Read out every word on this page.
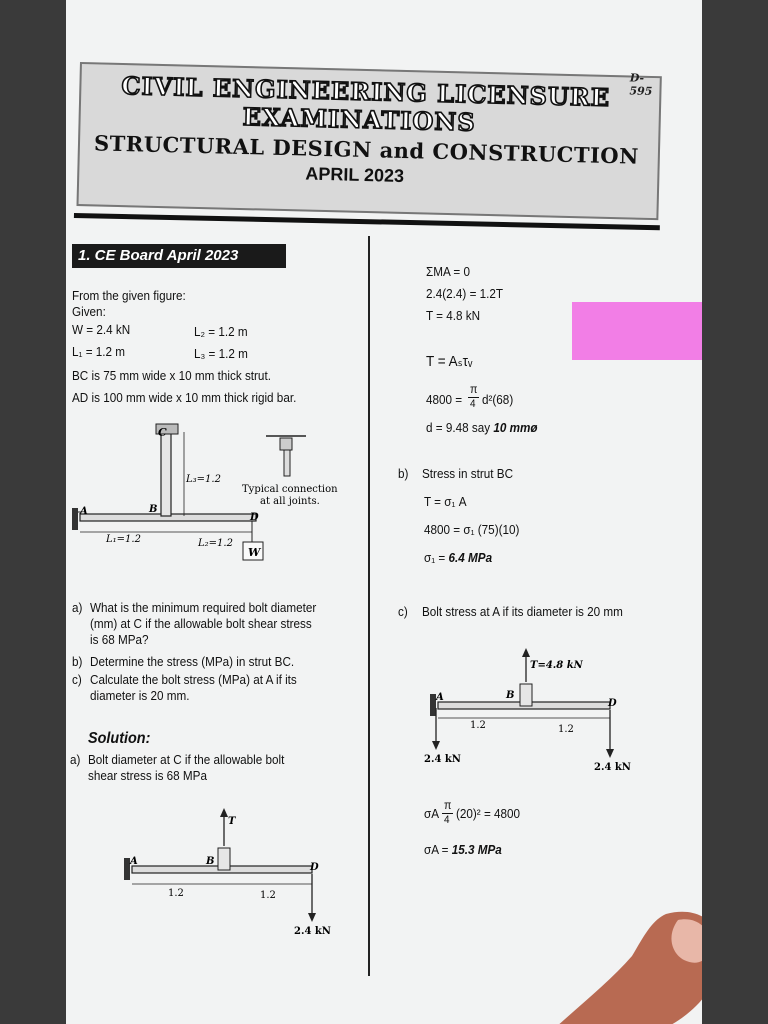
D-595
CIVIL ENGINEERING LICENSURE
EXAMINATIONS
STRUCTURAL DESIGN and CONSTRUCTION
APRIL 2023
1. CE Board April 2023
From the given figure:
Given:
W = 2.4 kN	L₂ = 1.2 m
L₁ = 1.2 m	L₃ = 1.2 m
BC is 75 mm wide x 10 mm thick strut.
AD is 100 mm wide x 10 mm thick rigid bar.
C
B
A
D
L₃=1.2
L₁=1.2	L₂=1.2
W
Typical connection
at all joints.
a) What is the minimum required bolt diameter
(mm) at C if the allowable bolt shear stress
is 68 MPa?
b) Determine the stress (MPa) in strut BC.
c) Calculate the bolt stress (MPa) at A if its
diameter is 20 mm.
Solution:
a) Bolt diameter at C if the allowable bolt
shear stress is 68 MPa
T
A	B
D
1.2	1.2
2.4 kN
ΣMA = 0
2.4(2.4) = 1.2T
T = 4.8 kN
T = Aₛτᵥ
4800 =
π
4 d²(68)
d = 9.48 say 10 mmø
b) Stress in strut BC
T = σ₁ A
4800 = σ₁ (75)(10)
σ₁ = 6.4 MPa
c) Bolt stress at A if its diameter is 20 mm
T=4.8 kN
A	B
D
1.2	1.2
2.4 kN
2.4 kN
σA
π
4 (20)² = 4800
σA = 15.3 MPa
